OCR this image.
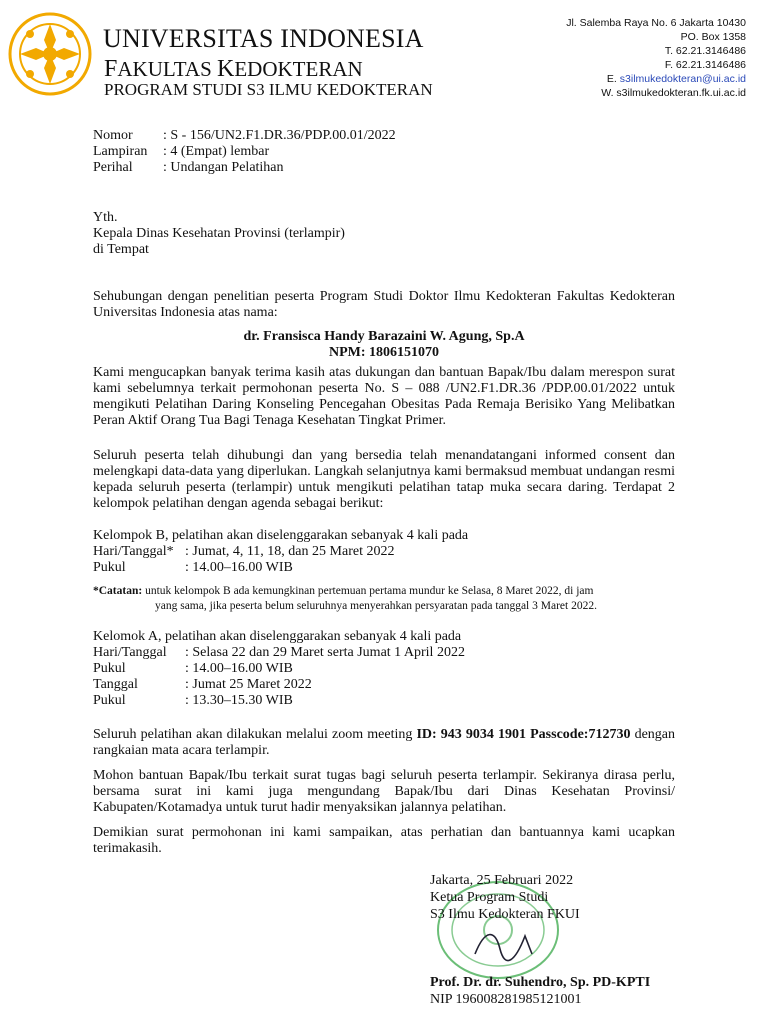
UNIVERSITAS INDONESIA
FAKULTAS KEDOKTERAN
PROGRAM STUDI S3 ILMU KEDOKTERAN
Jl. Salemba Raya No. 6 Jakarta 10430
PO. Box 1358
T. 62.21.3146486
F. 62.21.3146486
E. s3ilmukedokteran@ui.ac.id
W. s3ilmukedokteran.fk.ui.ac.id
Nomor	: S - 156/UN2.F1.DR.36/PDP.00.01/2022
Lampiran	: 4 (Empat) lembar
Perihal	: Undangan Pelatihan
Yth.
Kepala Dinas Kesehatan Provinsi (terlampir)
di Tempat
Sehubungan dengan penelitian peserta Program Studi Doktor Ilmu Kedokteran Fakultas Kedokteran Universitas Indonesia atas nama:
dr. Fransisca Handy Barazaini W. Agung, Sp.A
NPM: 1806151070
Kami mengucapkan banyak terima kasih atas dukungan dan bantuan Bapak/Ibu dalam merespon surat kami sebelumnya terkait permohonan peserta No. S – 088 /UN2.F1.DR.36 /PDP.00.01/2022 untuk mengikuti Pelatihan Daring Konseling Pencegahan Obesitas Pada Remaja Berisiko Yang Melibatkan Peran Aktif Orang Tua Bagi Tenaga Kesehatan Tingkat Primer.
Seluruh peserta telah dihubungi dan yang bersedia telah menandatangani informed consent dan melengkapi data-data yang diperlukan. Langkah selanjutnya kami bermaksud membuat undangan resmi kepada seluruh peserta (terlampir) untuk mengikuti pelatihan tatap muka secara daring. Terdapat 2 kelompok pelatihan dengan agenda sebagai berikut:
Kelompok B, pelatihan akan diselenggarakan sebanyak 4 kali pada
Hari/Tanggal*	: Jumat, 4, 11, 18, dan 25 Maret 2022
Pukul	: 14.00–16.00 WIB
*Catatan: untuk kelompok B ada kemungkinan pertemuan pertama mundur ke Selasa, 8 Maret 2022, di jam
yang sama, jika peserta belum seluruhnya menyerahkan persyaratan pada tanggal 3 Maret 2022.
Kelomok A, pelatihan akan diselenggarakan sebanyak 4 kali pada
Hari/Tanggal	: Selasa 22 dan 29 Maret serta Jumat 1 April 2022
Pukul	: 14.00–16.00 WIB
Tanggal	: Jumat 25 Maret 2022
Pukul	: 13.30–15.30 WIB
Seluruh pelatihan akan dilakukan melalui zoom meeting ID: 943 9034 1901 Passcode:712730 dengan rangkaian mata acara terlampir.
Mohon bantuan Bapak/Ibu terkait surat tugas bagi seluruh peserta terlampir. Sekiranya dirasa perlu, bersama surat ini kami juga mengundang Bapak/Ibu dari Dinas Kesehatan Provinsi/ Kabupaten/Kotamadya untuk turut hadir menyaksikan jalannya pelatihan.
Demikian surat permohonan ini kami sampaikan, atas perhatian dan bantuannya kami ucapkan terimakasih.
Jakarta, 25 Februari 2022
Ketua Program Studi
S3 Ilmu Kedokteran FKUI
Prof. Dr. dr. Suhendro, Sp. PD-KPTI
NIP 196008281985121001
